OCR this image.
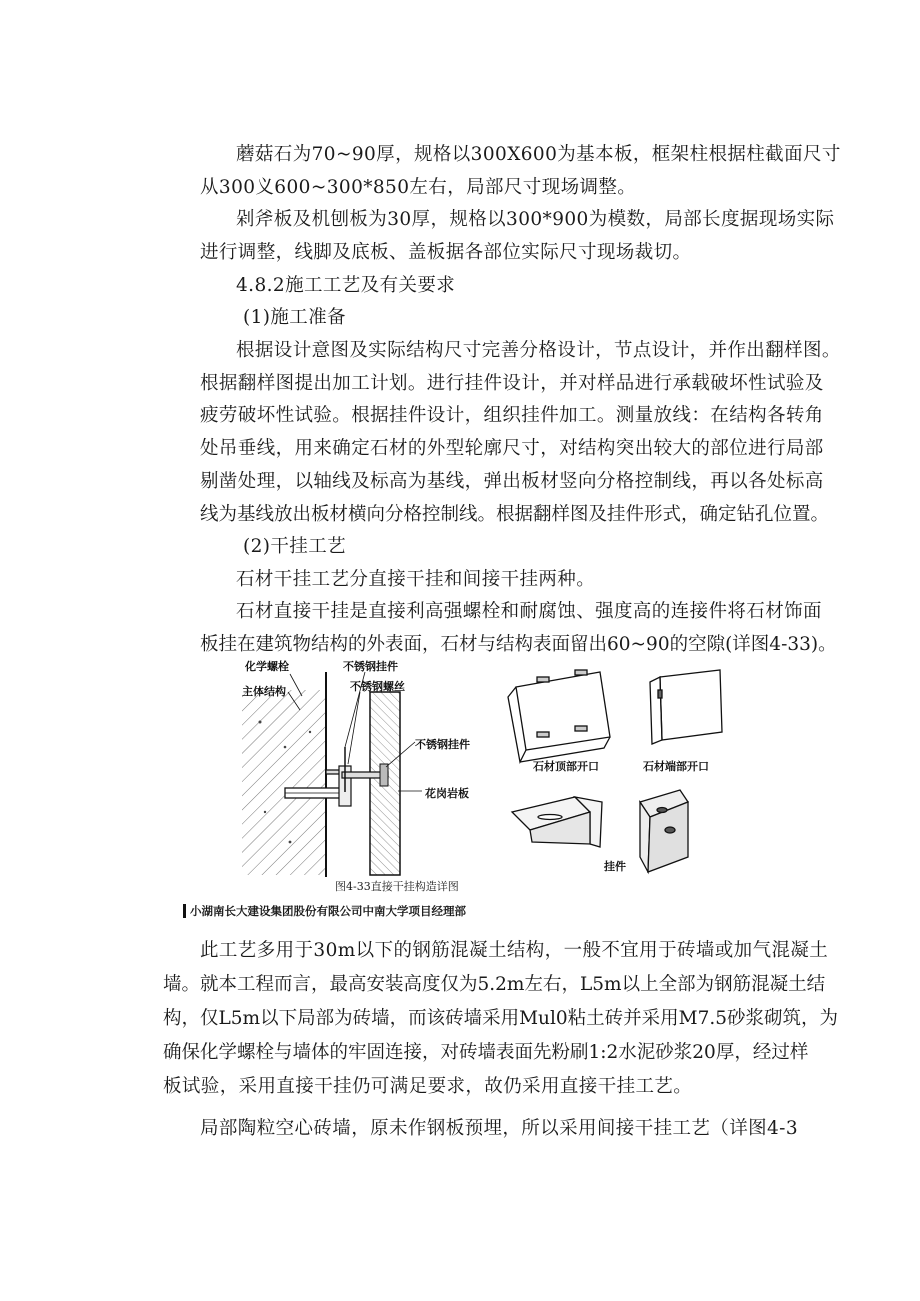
蘑菇石为70~90厚，规格以300X600为基本板，框架柱根据柱截面尺寸
从300义600~300*850左右，局部尺寸现场调整。
剁斧板及机刨板为30厚，规格以300*900为模数，局部长度据现场实际
进行调整，线脚及底板、盖板据各部位实际尺寸现场裁切。
4.8.2施工工艺及有关要求
(1)施工准备
根据设计意图及实际结构尺寸完善分格设计，节点设计，并作出翻样图。
根据翻样图提出加工计划。进行挂件设计，并对样品进行承载破坏性试验及
疲劳破坏性试验。根据挂件设计，组织挂件加工。测量放线：在结构各转角
处吊垂线，用来确定石材的外型轮廓尺寸，对结构突出较大的部位进行局部
剔凿处理，以轴线及标高为基线，弹出板材竖向分格控制线，再以各处标高
线为基线放出板材横向分格控制线。根据翻样图及挂件形式，确定钻孔位置。
(2)干挂工艺
石材干挂工艺分直接干挂和间接干挂两种。
石材直接干挂是直接利高强螺栓和耐腐蚀、强度高的连接件将石材饰面
板挂在建筑物结构的外表面，石材与结构表面留出60~90的空隙(详图4-33)。
化学螺栓
主体结构
不锈钢挂件
不锈钢螺丝
不锈钢挂件
花岗岩板
石材顶部开口	石材端部开口
挂件
图4-33直接干挂构造详图
小湖南长大建设集团股份有限公司中南大学项目经理部
此工艺多用于30m以下的钢筋混凝土结构，一般不宜用于砖墙或加气混凝土
墙。就本工程而言，最高安装高度仅为5.2m左右，L5m以上全部为钢筋混凝土结
构，仅L5m以下局部为砖墙，而该砖墙采用Mul0粘土砖并采用M7.5砂浆砌筑，为
确保化学螺栓与墙体的牢固连接，对砖墙表面先粉刷1:2水泥砂浆20厚，经过样
板试验，采用直接干挂仍可满足要求，故仍采用直接干挂工艺。
局部陶粒空心砖墙，原未作钢板预埋，所以采用间接干挂工艺（详图4-3
